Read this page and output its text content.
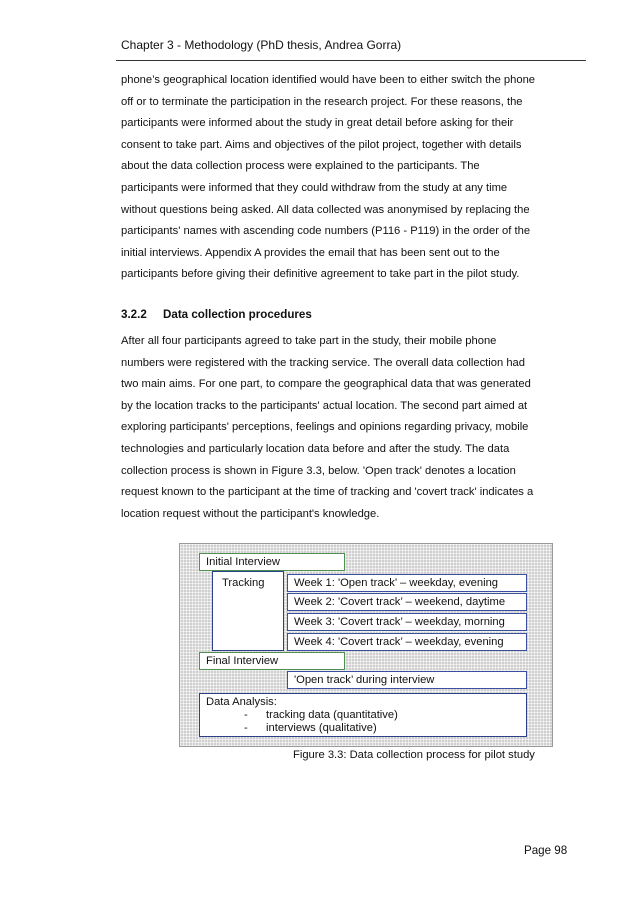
Chapter 3 - Methodology (PhD thesis, Andrea Gorra)

phone’s geographical location identified would have been to either switch the phone
off or to terminate the participation in the research project. For these reasons, the
participants were informed about the study in great detail before asking for their
consent to take part. Aims and objectives of the pilot project, together with details
about the data collection process were explained to the participants. The
participants were informed that they could withdraw from the study at any time
without questions being asked. All data collected was anonymised by replacing the
participants' names with ascending code numbers (P116 - P119) in the order of the
initial interviews. Appendix A provides the email that has been sent out to the
participants before giving their definitive agreement to take part in the pilot study.

3.2.2 Data collection procedures

After all four participants agreed to take part in the study, their mobile phone
numbers were registered with the tracking service. The overall data collection had
two main aims. For one part, to compare the geographical data that was generated
by the location tracks to the participants' actual location. The second part aimed at
exploring participants' perceptions, feelings and opinions regarding privacy, mobile
technologies and particularly location data before and after the study. The data
collection process is shown in Figure 3.3, below. 'Open track' denotes a location
request known to the participant at the time of tracking and 'covert track' indicates a
location request without the participant's knowledge.

Initial Interview
Tracking	Week 1: 'Open track’ – weekday, evening
Week 2: 'Covert track’ – weekend, daytime
Week 3: 'Covert track’ – weekday, morning
Week 4: 'Covert track’ – weekday, evening
Final Interview
'Open track’ during interview
Data Analysis:
- tracking data (quantitative)
- interviews (qualitative)
Figure 3.3: Data collection process for pilot study
Page 98
